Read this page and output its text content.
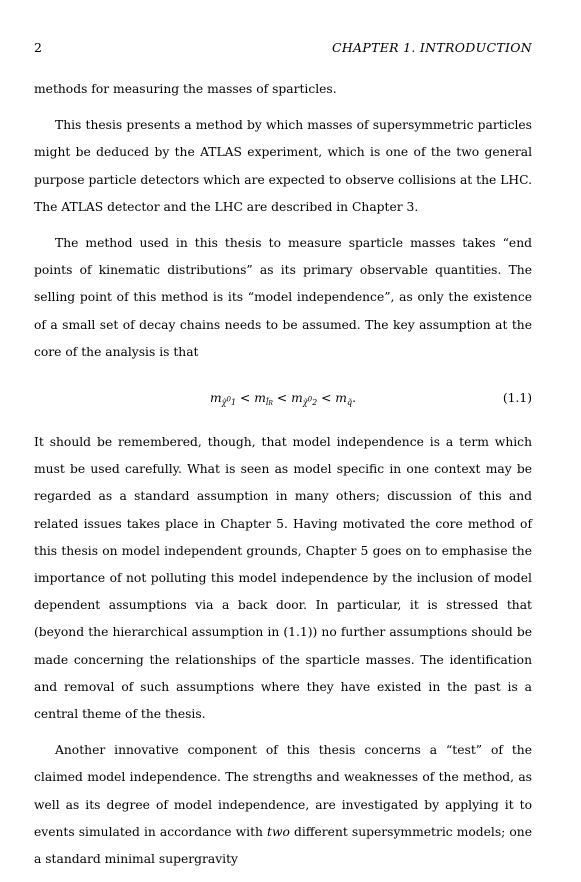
2	CHAPTER 1. INTRODUCTION

methods for measuring the masses of sparticles.

This thesis presents a method by which masses of supersymmetric particles might be deduced by the ATLAS experiment, which is one of the two general purpose particle detectors which are expected to observe collisions at the LHC. The ATLAS detector and the LHC are described in Chapter 3.

The method used in this thesis to measure sparticle masses takes “end points of kinematic distributions” as its primary observable quantities. The selling point of this method is its “model independence”, as only the existence of a small set of decay chains needs to be assumed. The key assumption at the core of the analysis is that

$m_{\chĩ^01} < m_{l̃R} < m_{\chĩ^02} < m_{q̃}$.	(1.1)

It should be remembered, though, that model independence is a term which must be used carefully. What is seen as model specific in one context may be regarded as a standard assumption in many others; discussion of this and related issues takes place in Chapter 5. Having motivated the core method of this thesis on model independent grounds, Chapter 5 goes on to emphasise the importance of not polluting this model independence by the inclusion of model dependent assumptions via a back door. In particular, it is stressed that (beyond the hierarchical assumption in (1.1)) no further assumptions should be made concerning the relationships of the sparticle masses. The identification and removal of such assumptions where they have existed in the past is a central theme of the thesis.

Another innovative component of this thesis concerns a “test” of the claimed model independence. The strengths and weaknesses of the method, as well as its degree of model independence, are investigated by applying it to events simulated in accordance with two different supersymmetric models; one a standard minimal supergravity
